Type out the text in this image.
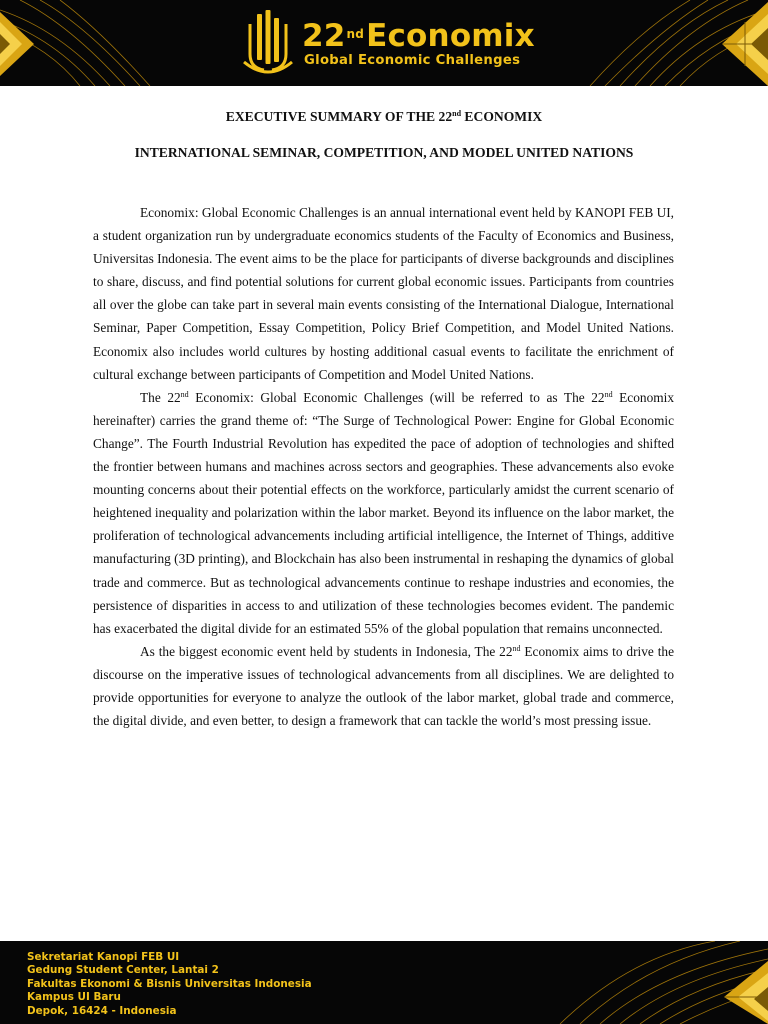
22ndEconomix
Global Economic Challenges
EXECUTIVE SUMMARY OF THE 22nd ECONOMIX
INTERNATIONAL SEMINAR, COMPETITION, AND MODEL UNITED NATIONS

Economix: Global Economic Challenges is an annual international event held by KANOPI FEB UI, a student organization run by undergraduate economics students of the Faculty of Economics and Business, Universitas Indonesia. The event aims to be the place for participants of diverse backgrounds and disciplines to share, discuss, and find potential solutions for current global economic issues. Participants from countries all over the globe can take part in several main events consisting of the International Dialogue, International Seminar, Paper Competition, Essay Competition, Policy Brief Competition, and Model United Nations. Economix also includes world cultures by hosting additional casual events to facilitate the enrichment of cultural exchange between participants of Competition and Model United Nations.

The 22nd Economix: Global Economic Challenges (will be referred to as The 22nd Economix hereinafter) carries the grand theme of: “The Surge of Technological Power: Engine for Global Economic Change”. The Fourth Industrial Revolution has expedited the pace of adoption of technologies and shifted the frontier between humans and machines across sectors and geographies. These advancements also evoke mounting concerns about their potential effects on the workforce, particularly amidst the current scenario of heightened inequality and polarization within the labor market. Beyond its influence on the labor market, the proliferation of technological advancements including artificial intelligence, the Internet of Things, additive manufacturing (3D printing), and Blockchain has also been instrumental in reshaping the dynamics of global trade and commerce. But as technological advancements continue to reshape industries and economies, the persistence of disparities in access to and utilization of these technologies becomes evident. The pandemic has exacerbated the digital divide for an estimated 55% of the global population that remains unconnected.

As the biggest economic event held by students in Indonesia, The 22nd Economix aims to drive the discourse on the imperative issues of technological advancements from all disciplines. We are delighted to provide opportunities for everyone to analyze the outlook of the labor market, global trade and commerce, the digital divide, and even better, to design a framework that can tackle the world’s most pressing issue.

Sekretariat Kanopi FEB UI
Gedung Student Center, Lantai 2
Fakultas Ekonomi & Bisnis Universitas Indonesia
Kampus UI Baru
Depok, 16424 - Indonesia
